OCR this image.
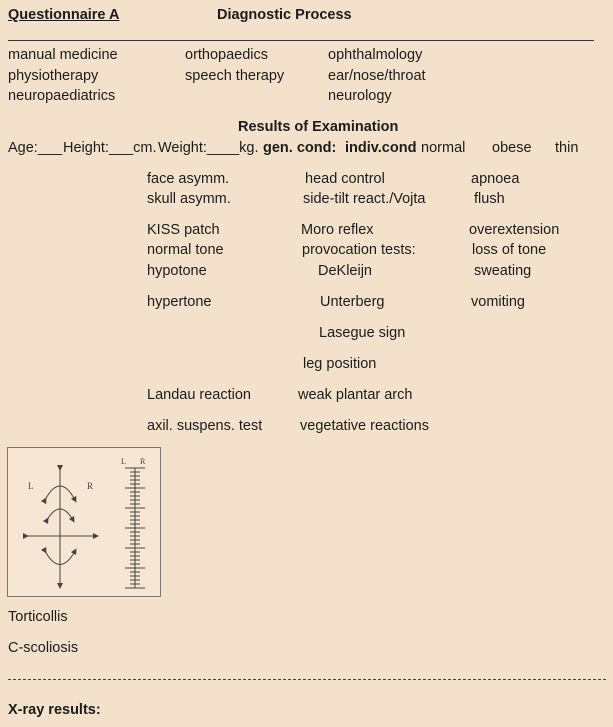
Questionnaire A	Diagnostic Process
manual medicine
physiotherapy
neuropaediatrics
orthopaedics
speech therapy
ophthalmology
ear/nose/throat
neurology
Results of Examination
Age:___ Height:___cm. Weight:____kg. gen. cond: indiv.cond
: normal obese thin
face asymm.
skull asymm.
KISS patch
normal tone
hypotone
hypertone
Landau reaction
axil. suspens. test
head control
side-tilt react./Vojta
Moro reflex
provocation tests:
DeKleijn
Unterberg
Lasegue sign
leg position
weak plantar arch
vegetative reactions
apnoea
flush
overextension
loss of tone
sweating
vomiting
L	R
L R
Torticollis
C-scoliosis
X-ray results:
